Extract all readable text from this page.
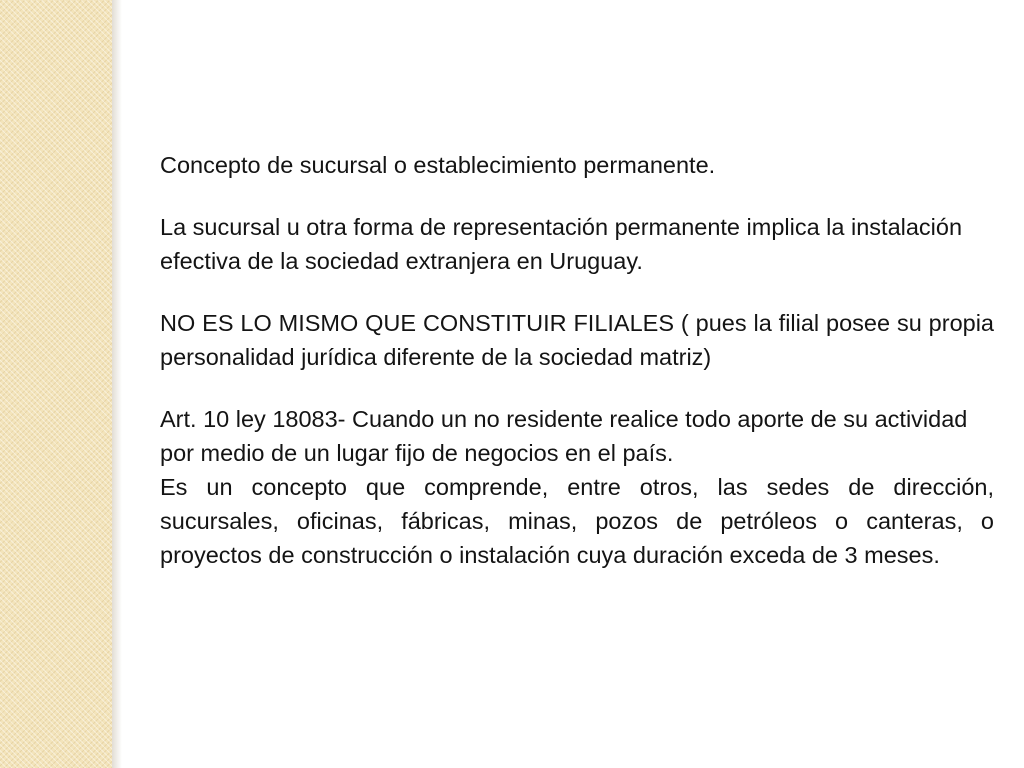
Concepto de sucursal o establecimiento permanente.

La sucursal u otra forma de representación permanente implica la instalación efectiva de la sociedad extranjera en Uruguay.

NO ES LO MISMO QUE CONSTITUIR FILIALES ( pues la filial posee su propia personalidad jurídica diferente de la sociedad matriz)

Art. 10 ley 18083- Cuando un no residente realice todo aporte de su actividad por medio de un lugar fijo de negocios en el país.

Es un concepto que comprende, entre otros, las sedes de dirección, sucursales, oficinas, fábricas, minas, pozos de petróleos o canteras, o proyectos de construcción o instalación cuya duración exceda de 3 meses.
